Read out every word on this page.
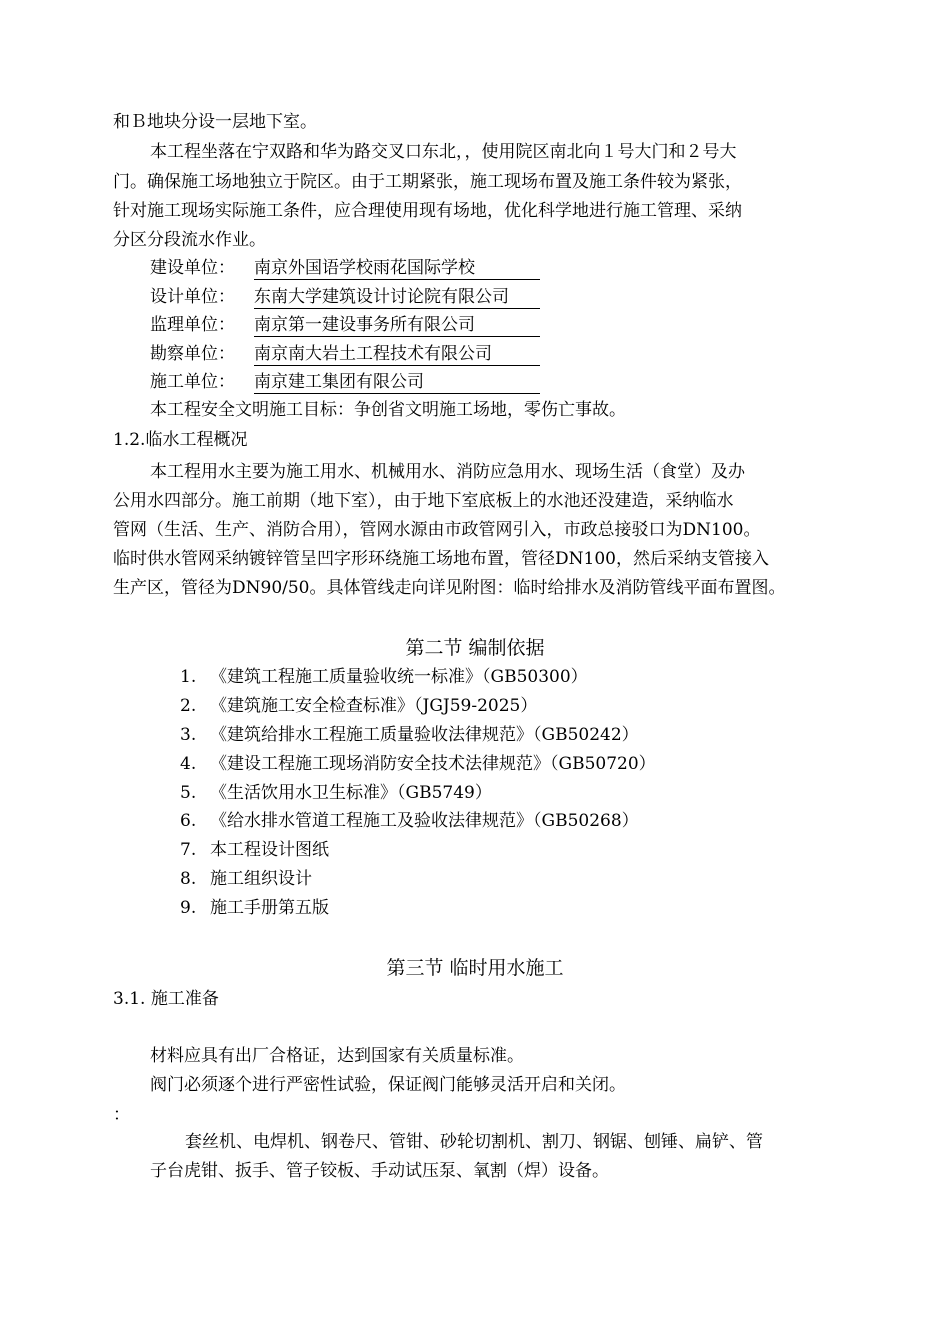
和Ｂ地块分设一层地下室。
本工程坐落在宁双路和华为路交叉口东北，，使用院区南北向１号大门和２号大
门。确保施工场地独立于院区。由于工期紧张，施工现场布置及施工条件较为紧张，
针对施工现场实际施工条件，应合理使用现有场地，优化科学地进行施工管理、采纳
分区分段流水作业。
建设单位： 南京外国语学校雨花国际学校
设计单位： 东南大学建筑设计讨论院有限公司
监理单位： 南京第一建设事务所有限公司
勘察单位： 南京南大岩土工程技术有限公司
施工单位： 南京建工集团有限公司
本工程安全文明施工目标：争创省文明施工场地，零伤亡事故。
1.2.临水工程概况
本工程用水主要为施工用水、机械用水、消防应急用水、现场生活（食堂）及办
公用水四部分。施工前期（地下室），由于地下室底板上的水池还没建造，采纳临水
管网（生活、生产、消防合用），管网水源由市政管网引入，市政总接驳口为DN100。
临时供水管网采纳镀锌管呈凹字形环绕施工场地布置，管径DN100，然后采纳支管接入
生产区，管径为DN90/50。具体管线走向详见附图：临时给排水及消防管线平面布置图。
第二节 编制依据
1. 《建筑工程施工质量验收统一标准》（GB50300）
2. 《建筑施工安全检查标准》（JGJ59-2025）
3. 《建筑给排水工程施工质量验收法律规范》（GB50242）
4. 《建设工程施工现场消防安全技术法律规范》（GB50720）
5. 《生活饮用水卫生标准》（GB5749）
6. 《给水排水管道工程施工及验收法律规范》（GB50268）
7. 本工程设计图纸
8. 施工组织设计
9. 施工手册第五版
第三节 临时用水施工
3.1. 施工准备
材料应具有出厂合格证，达到国家有关质量标准。
阀门必须逐个进行严密性试验，保证阀门能够灵活开启和关闭。
：
套丝机、电焊机、钢卷尺、管钳、砂轮切割机、割刀、钢锯、刨锤、扁铲、管
子台虎钳、扳手、管子铰板、手动试压泵、氧割（焊）设备。
